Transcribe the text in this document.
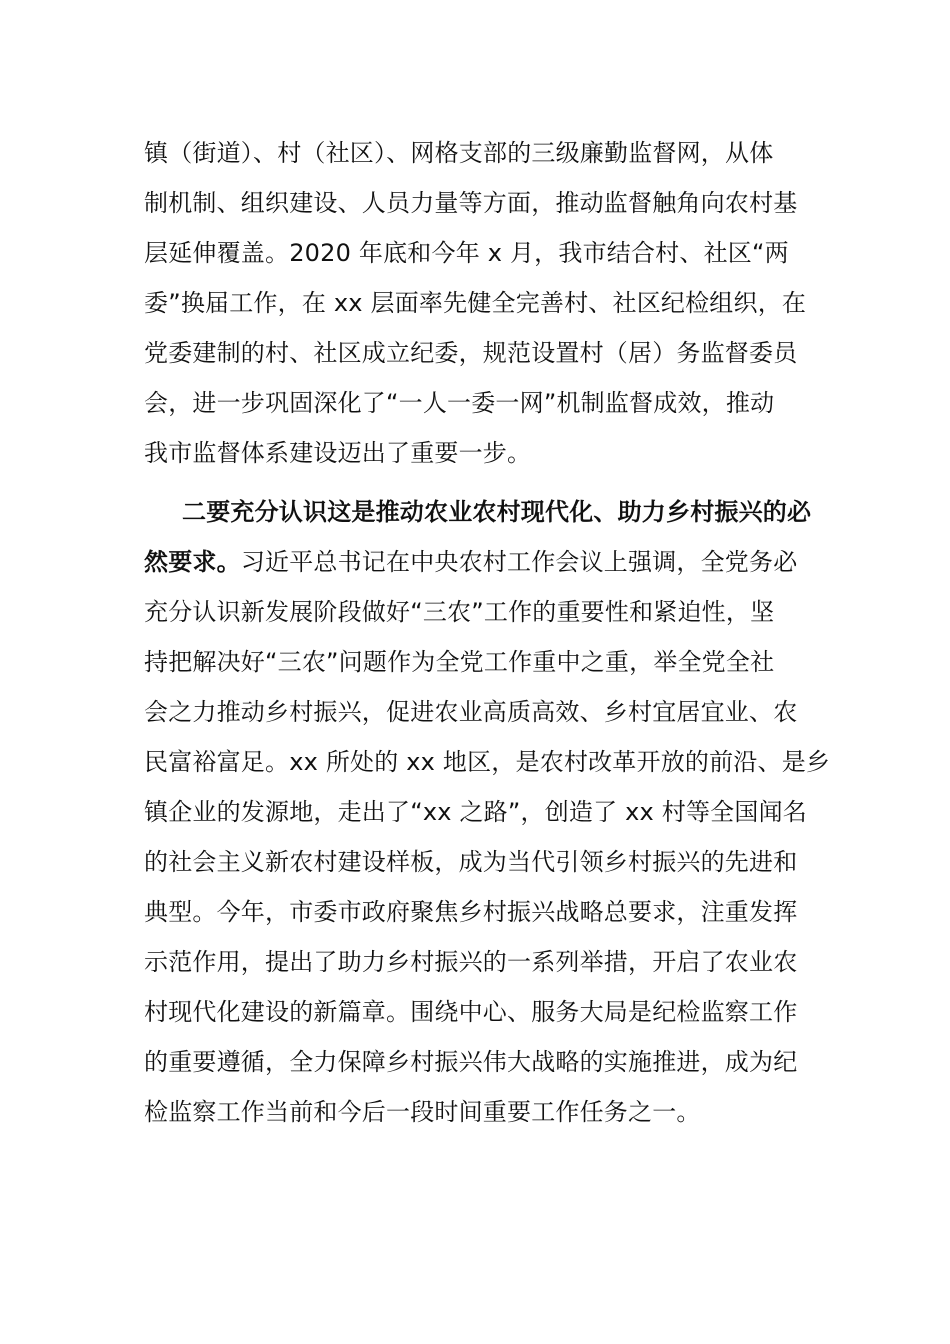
镇（街道）、村（社区）、网格支部的三级廉勤监督网，从体
制机制、组织建设、人员力量等方面，推动监督触角向农村基
层延伸覆盖。2020 年底和今年 x 月，我市结合村、社区“两
委”换届工作，在 xx 层面率先健全完善村、社区纪检组织，在
党委建制的村、社区成立纪委，规范设置村（居）务监督委员
会，进一步巩固深化了“一人一委一网”机制监督成效，推动
我市监督体系建设迈出了重要一步。
二要充分认识这是推动农业农村现代化、助力乡村振兴的必
然要求。习近平总书记在中央农村工作会议上强调，全党务必
充分认识新发展阶段做好“三农”工作的重要性和紧迫性，坚
持把解决好“三农”问题作为全党工作重中之重，举全党全社
会之力推动乡村振兴，促进农业高质高效、乡村宜居宜业、农
民富裕富足。xx 所处的 xx 地区，是农村改革开放的前沿、是乡
镇企业的发源地，走出了“xx 之路”，创造了 xx 村等全国闻名
的社会主义新农村建设样板，成为当代引领乡村振兴的先进和
典型。今年，市委市政府聚焦乡村振兴战略总要求，注重发挥
示范作用，提出了助力乡村振兴的一系列举措，开启了农业农
村现代化建设的新篇章。围绕中心、服务大局是纪检监察工作
的重要遵循，全力保障乡村振兴伟大战略的实施推进，成为纪
检监察工作当前和今后一段时间重要工作任务之一。
